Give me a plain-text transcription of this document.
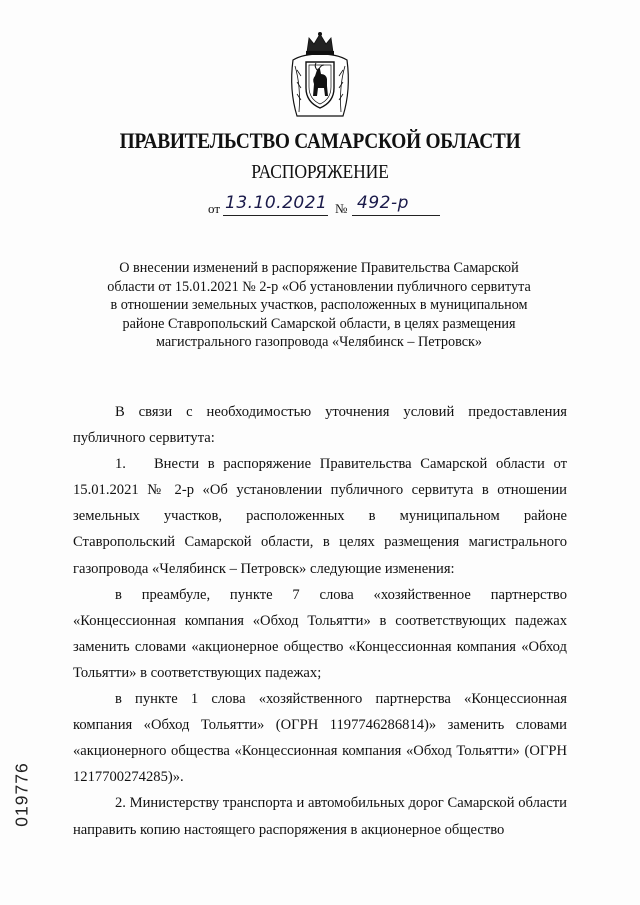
ПРАВИТЕЛЬСТВО САМАРСКОЙ ОБЛАСТИ
РАСПОРЯЖЕНИЕ
от 13.10.2021 № 492-р
О внесении изменений в распоряжение Правительства Самарской
области от 15.01.2021 № 2-р «Об установлении публичного сервитута
в отношении земельных участков, расположенных в муниципальном
районе Ставропольский Самарской области, в целях размещения
магистрального газопровода «Челябинск – Петровск»

В связи с необходимостью уточнения условий предоставления публичного сервитута:

1. Внести в распоряжение Правительства Самарской области от 15.01.2021 № 2-р «Об установлении публичного сервитута в отношении земельных участков, расположенных в муниципальном районе Ставропольский Самарской области, в целях размещения магистрального газопровода «Челябинск – Петровск» следующие изменения:

в преамбуле, пункте 7 слова «хозяйственное партнерство «Концессионная компания «Обход Тольятти» в соответствующих падежах заменить словами «акционерное общество «Концессионная компания «Обход Тольятти» в соответствующих падежах;

в пункте 1 слова «хозяйственного партнерства «Концессионная компания «Обход Тольятти» (ОГРН 1197746286814)» заменить словами «акционерного общества «Концессионная компания «Обход Тольятти» (ОГРН 1217700274285)».

2. Министерству транспорта и автомобильных дорог Самарской области направить копию настоящего распоряжения в акционерное общество

019776
